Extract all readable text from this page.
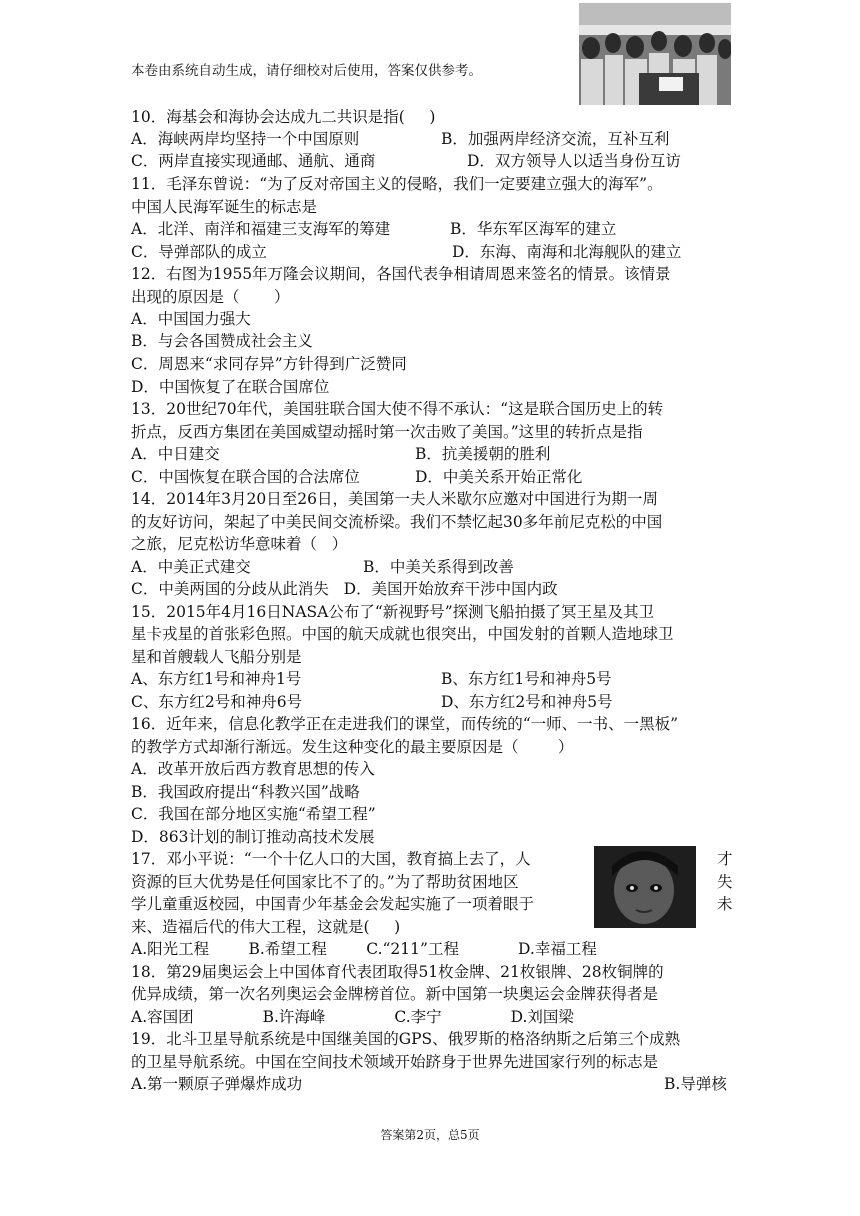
本卷由系统自动生成，请仔细校对后使用，答案仅供参考。
10．海基会和海协会达成九二共识是指(     )
A．海峡两岸均坚持一个中国原则	B．加强两岸经济交流，互补互利
C．两岸直接实现通邮、通航、通商	D．双方领导人以适当身份互访
11．毛泽东曾说：“为了反对帝国主义的侵略，我们一定要建立强大的海军”。
中国人民海军诞生的标志是
A．北洋、南洋和福建三支海军的筹建	B．华东军区海军的建立
C．导弹部队的成立	D．东海、南海和北海舰队的建立
12．右图为1955年万隆会议期间，各国代表争相请周恩来签名的情景。该情景
出现的原因是（       ）
A．中国国力强大
B．与会各国赞成社会主义
C．周恩来“求同存异”方针得到广泛赞同
D．中国恢复了在联合国席位
13．20世纪70年代，美国驻联合国大使不得不承认：“这是联合国历史上的转
折点，反西方集团在美国威望动摇时第一次击败了美国。”这里的转折点是指
A．中日建交	B．抗美援朝的胜利
C．中国恢复在联合国的合法席位	D．中美关系开始正常化
14．2014年3月20日至26日，美国第一夫人米歇尔应邀对中国进行为期一周
的友好访问，架起了中美民间交流桥梁。我们不禁忆起30多年前尼克松的中国
之旅，尼克松访华意味着（   ）
A．中美正式建交	B．中美关系得到改善
C．中美两国的分歧从此消失   D．美国开始放弃干涉中国内政
15．2015年4月16日NASA公布了“新视野号”探测飞船拍摄了冥王星及其卫
星卡戎星的首张彩色照。中国的航天成就也很突出，中国发射的首颗人造地球卫
星和首艘载人飞船分别是
A、东方红1号和神舟1号	B、东方红1号和神舟5号
C、东方红2号和神舟6号	D、东方红2号和神舟5号
16．近年来，信息化教学正在走进我们的课堂，而传统的“一师、一书、一黑板”
的教学方式却渐行渐远。发生这种变化的最主要原因是（        ）
A．改革开放后西方教育思想的传入
B．我国政府提出“科教兴国”战略
C．我国在部分地区实施“希望工程”
D．863计划的制订推动高技术发展
17．邓小平说：“一个十亿人口的大国，教育搞上去了，人	才
资源的巨大优势是任何国家比不了的。”为了帮助贫困地区	失
学儿童重返校园，中国青少年基金会发起实施了一项着眼于	未
来、造福后代的伟大工程，这就是(     )
A.阳光工程        B.希望工程        C.“211”工程            D.幸福工程
18．第29届奥运会上中国体育代表团取得51枚金牌、21枚银牌、28枚铜牌的
优异成绩，第一次名列奥运会金牌榜首位。新中国第一块奥运会金牌获得者是
A.容国团              B.许海峰              C.李宁              D.刘国梁
19．北斗卫星导航系统是中国继美国的GPS、俄罗斯的格洛纳斯之后第三个成熟
的卫星导航系统。中国在空间技术领域开始跻身于世界先进国家行列的标志是
A.第一颗原子弹爆炸成功	B.导弹核
答案第2页，总5页
